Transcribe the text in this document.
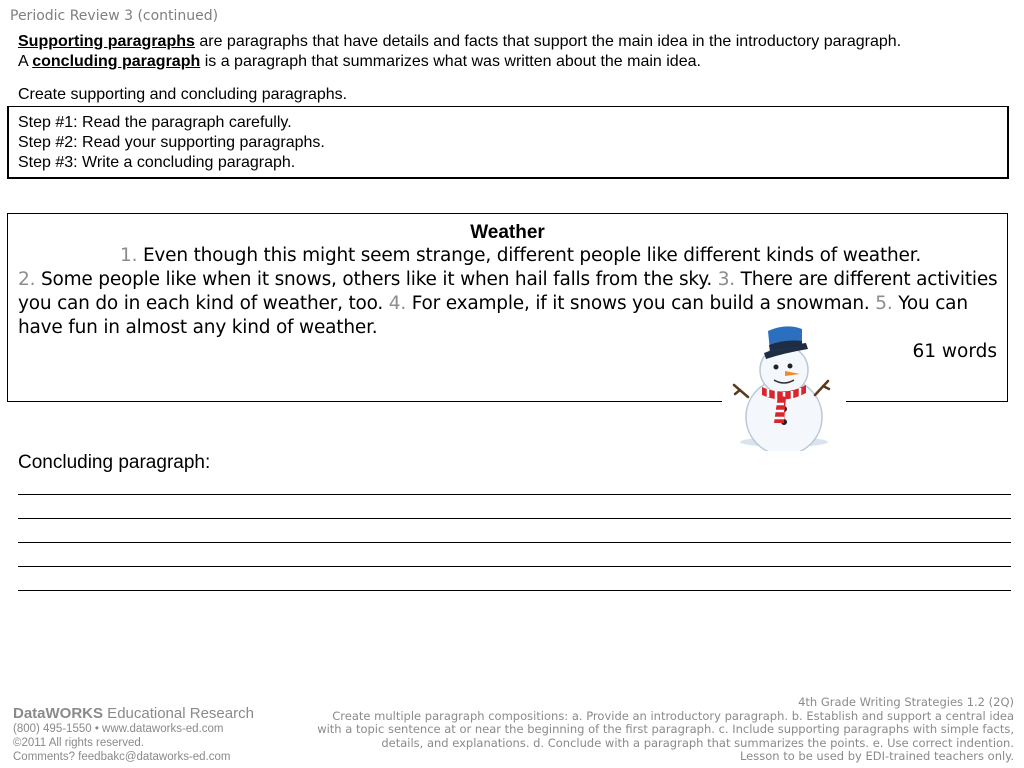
Periodic Review 3 (continued)
Supporting paragraphs are paragraphs that have details and facts that support the main idea in the introductory paragraph.
A concluding paragraph is a paragraph that summarizes what was written about the main idea.
Create supporting and concluding paragraphs.
Step #1: Read the paragraph carefully.
Step #2: Read your supporting paragraphs.
Step #3: Write a concluding paragraph.
Weather
1. Even though this might seem strange, different people like different kinds of weather.
2. Some people like when it snows, others like it when hail falls from the sky. 3. There are different activities you can do in each kind of weather, too. 4. For example, if it snows you can build a snowman. 5. You can have fun in almost any kind of weather.
61 words
Concluding paragraph:
DataWORKS Educational Research
(800) 495-1550 • www.dataworks-ed.com
©2011 All rights reserved.
Comments? feedbakc@dataworks-ed.com
4th Grade Writing Strategies 1.2 (2Q)
Create multiple paragraph compositions: a. Provide an introductory paragraph. b. Establish and support a central idea with a topic sentence at or near the beginning of the first paragraph. c. Include supporting paragraphs with simple facts, details, and explanations. d. Conclude with a paragraph that summarizes the points. e. Use correct indention.
Lesson to be used by EDI-trained teachers only.
